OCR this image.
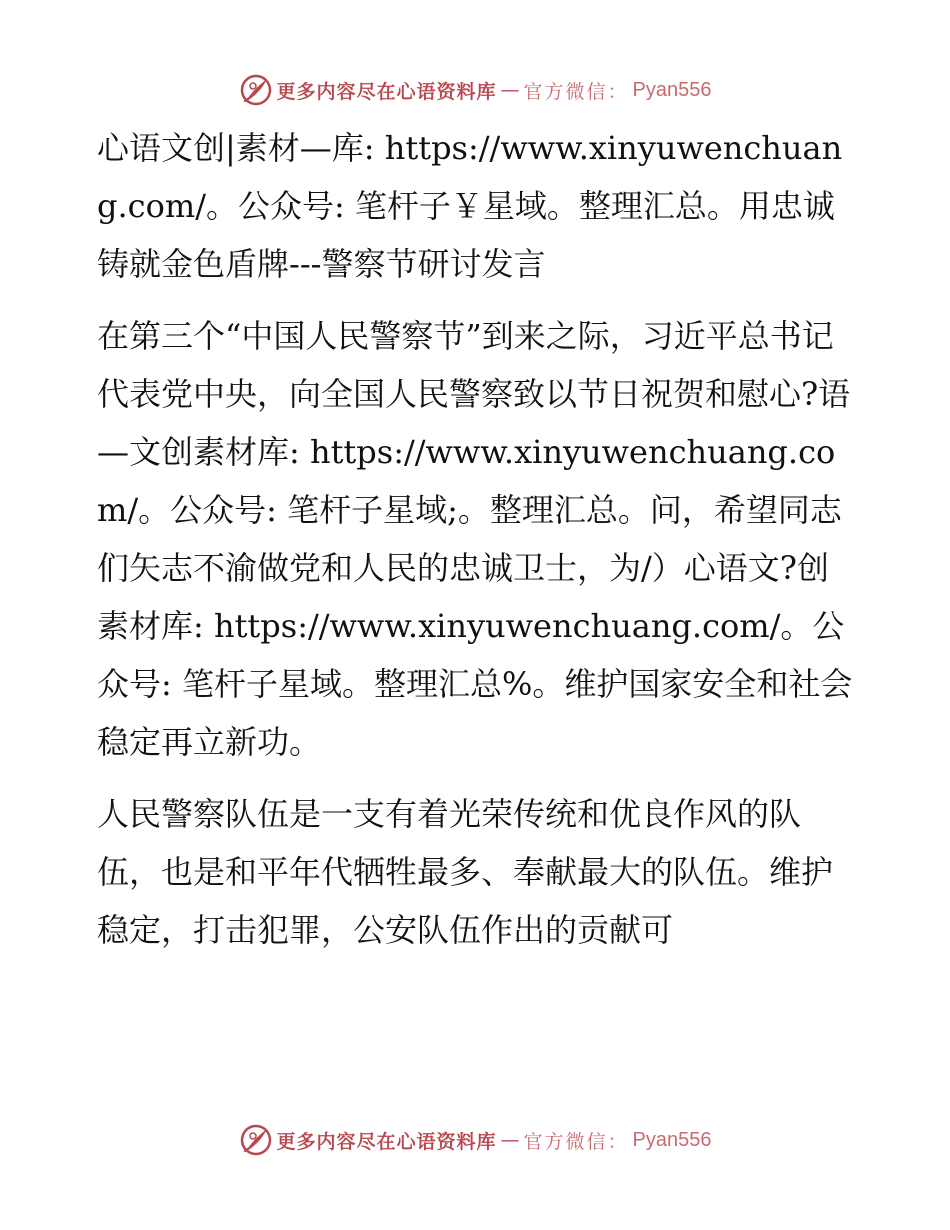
更多内容尽在心语资料库 — 官方微信： Pyan556

心语文创|素材—库: https://www.xinyuwenchuang.com/。公众号: 笔杆子￥星域。整理汇总。用忠诚铸就金色盾牌---警察节研讨发言

在第三个“中国人民警察节”到来之际，习近平总书记代表党中央，向全国人民警察致以节日祝贺和慰心?语—文创素材库: https://www.xinyuwenchuang.com/。公众号: 笔杆子星域;。整理汇总。问，希望同志们矢志不渝做党和人民的忠诚卫士，为/）心语文?创素材库: https://www.xinyuwenchuang.com/。公众号: 笔杆子星域。整理汇总%。维护国家安全和社会稳定再立新功。

人民警察队伍是一支有着光荣传统和优良作风的队伍，也是和平年代牺牲最多、奉献最大的队伍。维护稳定，打击犯罪，公安队伍作出的贡献可

更多内容尽在心语资料库 — 官方微信： Pyan556
